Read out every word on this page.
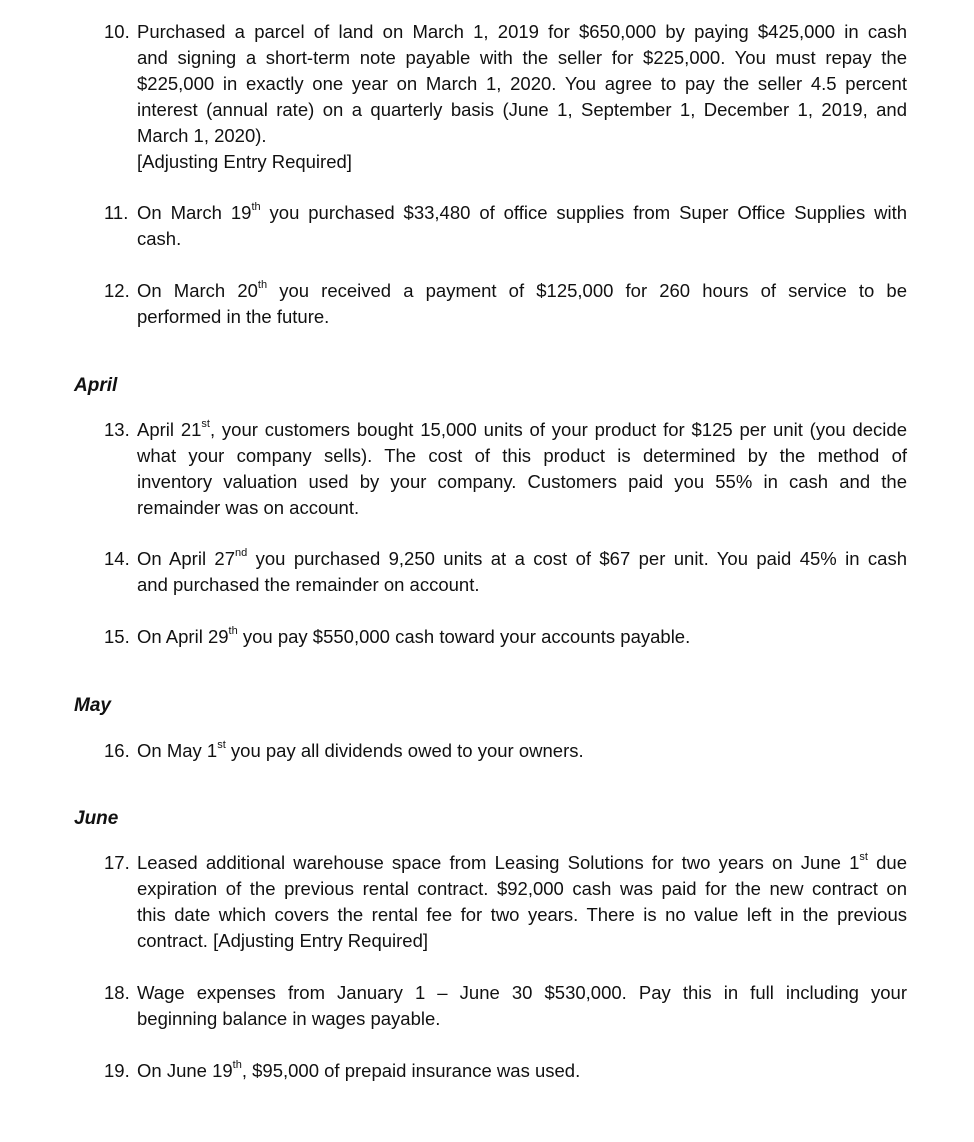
10. Purchased a parcel of land on March 1, 2019 for $650,000 by paying $425,000 in cash
and signing a short-term note payable with the seller for $225,000. You must repay the
$225,000 in exactly one year on March 1, 2020. You agree to pay the seller 4.5 percent
interest (annual rate) on a quarterly basis (June 1, September 1, December 1, 2019, and
March 1, 2020).
[Adjusting Entry Required]
11. On March 19th you purchased $33,480 of office supplies from Super Office Supplies with
cash.
12. On March 20th you received a payment of $125,000 for 260 hours of service to be
performed in the future.
April
13. April 21st, your customers bought 15,000 units of your product for $125 per unit (you decide
what your company sells). The cost of this product is determined by the method of
inventory valuation used by your company. Customers paid you 55% in cash and the
remainder was on account.
14. On April 27nd you purchased 9,250 units at a cost of $67 per unit. You paid 45% in cash
and purchased the remainder on account.
15. On April 29th you pay $550,000 cash toward your accounts payable.
May
16. On May 1st you pay all dividends owed to your owners.
June
17. Leased additional warehouse space from Leasing Solutions for two years on June 1st due
expiration of the previous rental contract. $92,000 cash was paid for the new contract on
this date which covers the rental fee for two years. There is no value left in the previous
contract. [Adjusting Entry Required]
18. Wage expenses from January 1 – June 30 $530,000. Pay this in full including your
beginning balance in wages payable.
19. On June 19th, $95,000 of prepaid insurance was used.
